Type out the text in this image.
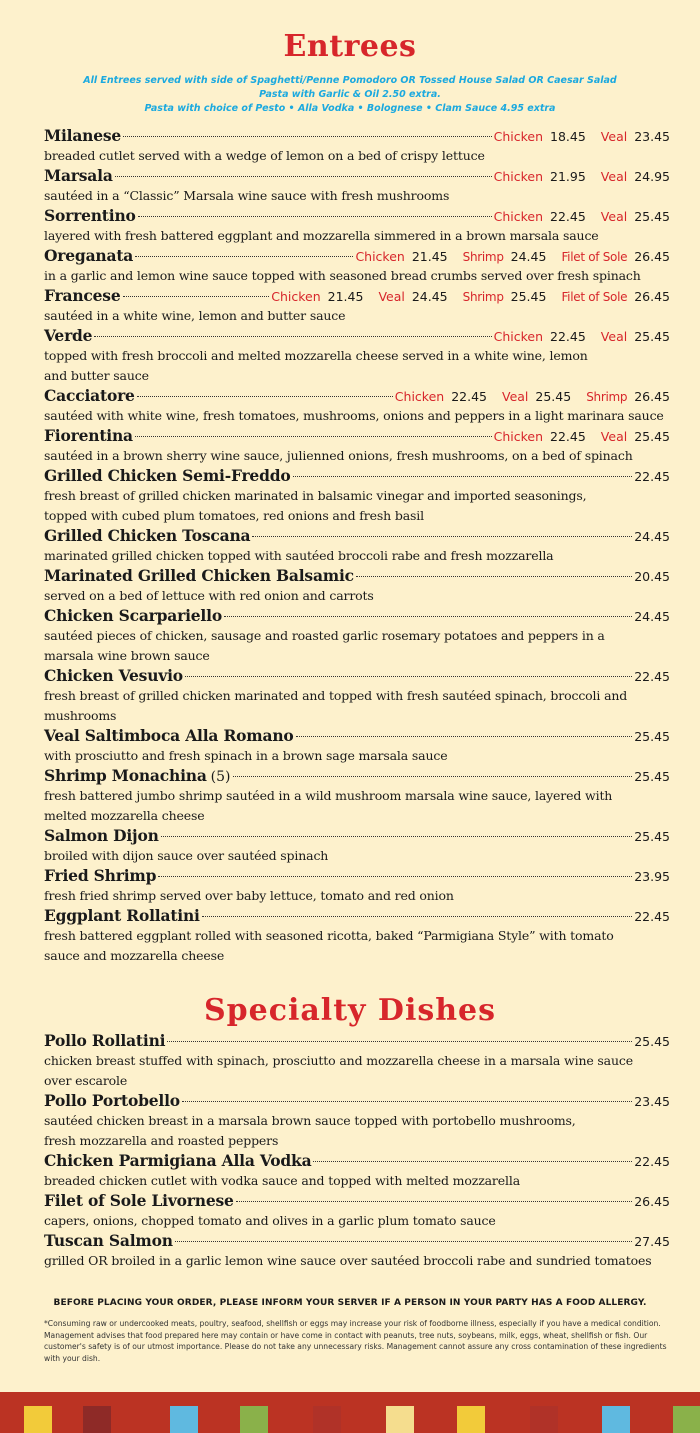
Entrees
All Entrees served with side of Spaghetti/Penne Pomodoro OR Tossed House Salad OR Caesar Salad
Pasta with Garlic & Oil 2.50 extra.
Pasta with choice of Pesto • Alla Vodka • Bolognese • Clam Sauce 4.95 extra
Milanese	Chicken 18.45 Veal 23.45
breaded cutlet served with a wedge of lemon on a bed of crispy lettuce
Marsala	Chicken 21.95 Veal 24.95
sautéed in a “Classic” Marsala wine sauce with fresh mushrooms
Sorrentino	Chicken 22.45 Veal 25.45
layered with fresh battered eggplant and mozzarella simmered in a brown marsala sauce
Oreganata	Chicken 21.45 Shrimp 24.45 Filet of Sole 26.45
in a garlic and lemon wine sauce topped with seasoned bread crumbs served over fresh spinach
Francese	Chicken 21.45 Veal 24.45 Shrimp 25.45 Filet of Sole 26.45
sautéed in a white wine, lemon and butter sauce
Verde	Chicken 22.45 Veal 25.45
topped with fresh broccoli and melted mozzarella cheese served in a white wine, lemon
and butter sauce
Cacciatore	Chicken 22.45 Veal 25.45 Shrimp 26.45
sautéed with white wine, fresh tomatoes, mushrooms, onions and peppers in a light marinara sauce
Fiorentina	Chicken 22.45 Veal 25.45
sautéed in a brown sherry wine sauce, julienned onions, fresh mushrooms, on a bed of spinach
Grilled Chicken Semi-Freddo	22.45
fresh breast of grilled chicken marinated in balsamic vinegar and imported seasonings,
topped with cubed plum tomatoes, red onions and fresh basil
Grilled Chicken Toscana	24.45
marinated grilled chicken topped with sautéed broccoli rabe and fresh mozzarella
Marinated Grilled Chicken Balsamic	20.45
served on a bed of lettuce with red onion and carrots
Chicken Scarpariello	24.45
sautéed pieces of chicken, sausage and roasted garlic rosemary potatoes and peppers in a
marsala wine brown sauce
Chicken Vesuvio	22.45
fresh breast of grilled chicken marinated and topped with fresh sautéed spinach, broccoli and
mushrooms
Veal Saltimboca Alla Romano	25.45
with prosciutto and fresh spinach in a brown sage marsala sauce
Shrimp Monachina (5)	25.45
fresh battered jumbo shrimp sautéed in a wild mushroom marsala wine sauce, layered with
melted mozzarella cheese
Salmon Dijon	25.45
broiled with dijon sauce over sautéed spinach
Fried Shrimp	23.95
fresh fried shrimp served over baby lettuce, tomato and red onion
Eggplant Rollatini	22.45
fresh battered eggplant rolled with seasoned ricotta, baked “Parmigiana Style” with tomato
sauce and mozzarella cheese
Specialty Dishes
Pollo Rollatini	25.45
chicken breast stuffed with spinach, prosciutto and mozzarella cheese in a marsala wine sauce
over escarole
Pollo Portobello	23.45
sautéed chicken breast in a marsala brown sauce topped with portobello mushrooms,
fresh mozzarella and roasted peppers
Chicken Parmigiana Alla Vodka	22.45
breaded chicken cutlet with vodka sauce and topped with melted mozzarella
Filet of Sole Livornese	26.45
capers, onions, chopped tomato and olives in a garlic plum tomato sauce
Tuscan Salmon	27.45
grilled OR broiled in a garlic lemon wine sauce over sautéed broccoli rabe and sundried tomatoes
BEFORE PLACING YOUR ORDER, PLEASE INFORM YOUR SERVER IF A PERSON IN YOUR PARTY HAS A FOOD ALLERGY.
*Consuming raw or undercooked meats, poultry, seafood, shellfish or eggs may increase your risk of foodborne illness, especially if you have a medical condition. Management advises that food prepared here may contain or have come in contact with peanuts, tree nuts, soybeans, milk, eggs, wheat, shellfish or fish. Our customer's safety is of our utmost importance. Please do not take any unnecessary risks. Management cannot assure any cross contamination of these ingredients with your dish.
